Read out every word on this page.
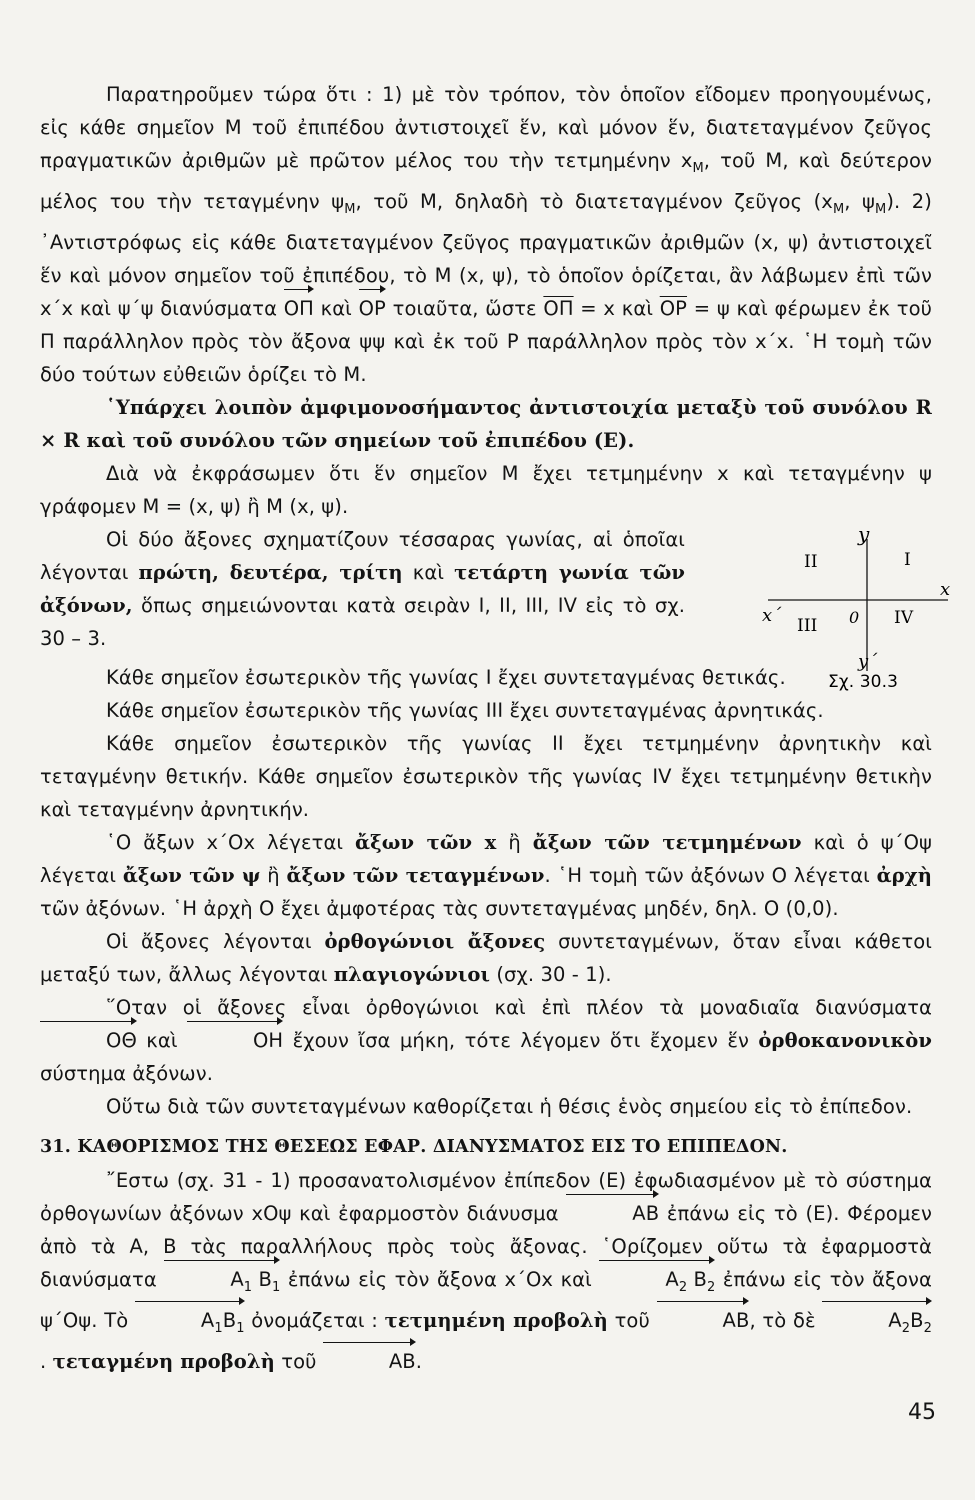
Παρατηροῦμεν τώρα ὅτι : 1) μὲ τὸν τρόπον, τὸν ὁποῖον εἴδομεν προηγουμένως, εἰς κάθε σημεῖον Μ τοῦ ἐπιπέδου ἀντιστοιχεῖ ἕν, καὶ μόνον ἕν, διατεταγμένον ζεῦγος πραγματικῶν ἀριθμῶν μὲ πρῶτον μέλος του τὴν τετμημένην $x_M$, τοῦ Μ, καὶ δεύτερον μέλος του τὴν τεταγμένην $\psi_M$, τοῦ Μ, δηλαδὴ τὸ διατεταγμένον ζεῦγος ($x_M$, $\psi_M$). 2) ᾿Αντιστρόφως εἰς κάθε διατεταγμένον ζεῦγος πραγματικῶν ἀριθμῶν (x, ψ) ἀντιστοιχεῖ ἕν καὶ μόνον σημεῖον τοῦ ἐπιπέδου, τὸ Μ (x, ψ), τὸ ὁποῖον ὁρίζεται, ἂν λάβωμεν ἐπὶ τῶν x΄x καὶ ψ΄ψ διανύσματα ΟΠ καὶ ΟΡ τοιαῦτα, ὥστε $\overline{O\Pi} = x$ καὶ $\overline{OP} = \psi$ καὶ φέρωμεν ἐκ τοῦ Π παράλληλον πρὸς τὸν ἄξονα ψψ καὶ ἐκ τοῦ Ρ παράλληλον πρὸς τὸν x΄x. ῾Η τομὴ τῶν δύο τούτων εὐθειῶν ὁρίζει τὸ Μ.

῾Υπάρχει λοιπὸν ἀμφιμονοσήμαντος ἀντιστοιχία μεταξὺ τοῦ συνόλου R × R καὶ τοῦ συνόλου τῶν σημείων τοῦ ἐπιπέδου (Ε).

Διὰ νὰ ἐκφράσωμεν ὅτι ἕν σημεῖον Μ ἔχει τετμημένην x καὶ τεταγμένην ψ γράφομεν Μ = (x, ψ) ἢ Μ (x, ψ).

Οἱ δύο ἄξονες σχηματίζουν τέσσαρας γωνίας, αἱ ὁποῖαι λέγονται πρώτη, δευτέρα, τρίτη καὶ τετάρτη γωνία τῶν ἀξόνων, ὅπως σημειώνονται κατὰ σειρὰν Ι, ΙΙ, ΙΙΙ, ΙV εἰς τὸ σχ. 30 – 3.

y
y΄
x
x΄	0
I
II
III	IV
Σχ. 30.3

Κάθε σημεῖον ἐσωτερικὸν τῆς γωνίας Ι ἔχει συντεταγμένας θετικάς.

Κάθε σημεῖον ἐσωτερικὸν τῆς γωνίας ΙΙΙ ἔχει συντεταγμένας ἀρνητικάς.

Κάθε σημεῖον ἐσωτερικὸν τῆς γωνίας ΙΙ ἔχει τετμημένην ἀρνητικὴν καὶ τεταγμένην θετικήν. Κάθε σημεῖον ἐσωτερικὸν τῆς γωνίας IV ἔχει τετμημένην θετικὴν καὶ τεταγμένην ἀρνητικήν.

῾Ο ἄξων x΄Οx λέγεται ἄξων τῶν x ἢ ἄξων τῶν τετμημένων καὶ ὁ ψ΄Οψ λέγεται ἄξων τῶν ψ ἢ ἄξων τῶν τεταγμένων. ῾Η τομὴ τῶν ἀξόνων Ο λέγεται ἀρχὴ τῶν ἀξόνων. ῾Η ἀρχὴ Ο ἔχει ἀμφοτέρας τὰς συντεταγμένας μηδέν, δηλ. Ο (0,0).

Οἱ ἄξονες λέγονται ὀρθογώνιοι ἄξονες συντεταγμένων, ὅταν εἶναι κάθετοι μεταξύ των, ἄλλως λέγονται πλαγιογώνιοι (σχ. 30 - 1).

῞Οταν οἱ ἄξονες εἶναι ὀρθογώνιοι καὶ ἐπὶ πλέον τὰ μοναδιαῖα διανύσματα ΟΘ καὶ	ΟΗ ἔχουν ἴσα μήκη, τότε λέγομεν ὅτι ἔχομεν ἕν ὀρθοκανονικὸν σύστημα ἀξόνων.

Οὕτω διὰ τῶν συντεταγμένων καθορίζεται ἡ θέσις ἑνὸς σημείου εἰς τὸ ἐπίπεδον.

31. ΚΑΘΟΡΙΣΜΟΣ ΤΗΣ ΘΕΣΕΩΣ ΕΦΑΡ. ΔΙΑΝΥΣΜΑΤΟΣ ΕΙΣ ΤΟ ΕΠΙΠΕΔΟΝ.

῎Εστω (σχ. 31 - 1) προσανατολισμένον ἐπίπεδον (Ε) ἐφωδιασμένον μὲ τὸ σύστημα ὀρθογωνίων ἀξόνων xΟψ καὶ ἐφαρμοστὸν διάνυσμα	ΑΒ ἐπάνω εἰς τὸ (Ε). Φέρομεν ἀπὸ τὰ Α, Β τὰς παραλλήλους πρὸς τοὺς ἄξονας. ῾Ορίζομεν οὕτω τὰ ἐφαρμοστὰ διανύσματα	$A_1$ $B_1$ ἐπάνω εἰς τὸν ἄξονα x΄Οx καὶ	$A_2$ $B_2$ ἐπάνω εἰς τὸν ἄξονα ψ΄Οψ. Τὸ	$A_1B_1$ ὀνομάζεται : τετμημένη προβολὴ τοῦ	ΑΒ, τὸ δὲ	$A_2B_2$. τεταγμένη προβολὴ τοῦ	ΑΒ.

45
